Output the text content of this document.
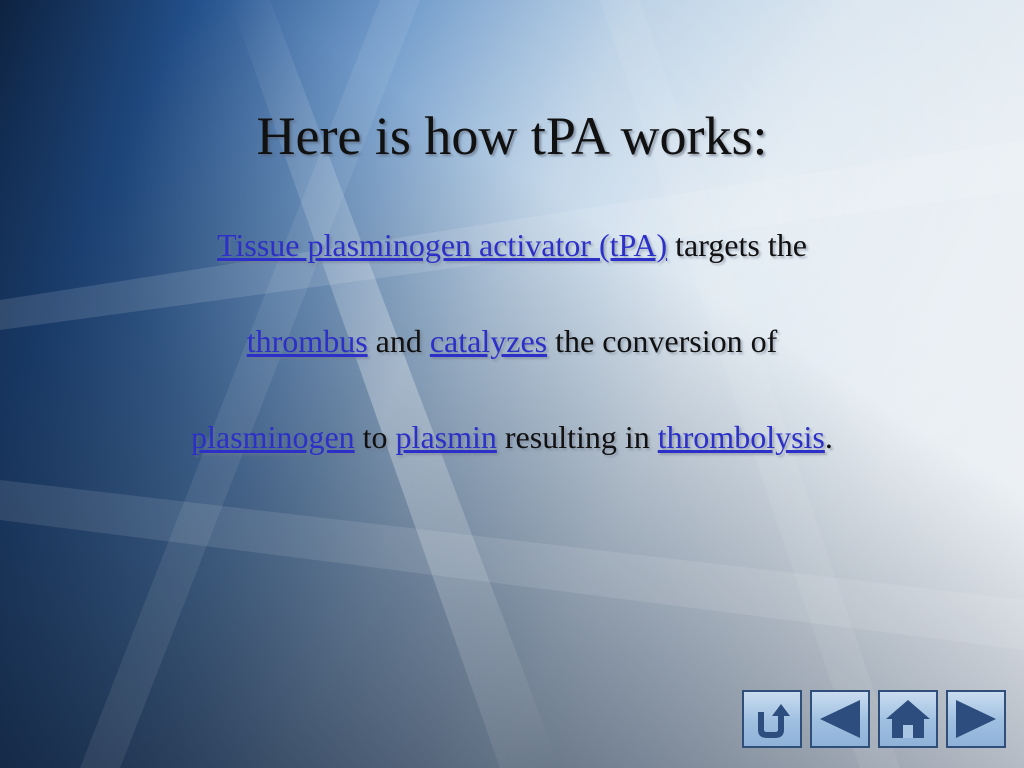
Here is how tPA works:
Tissue plasminogen activator (tPA) targets the
thrombus and catalyzes the conversion of
plasminogen to plasmin resulting in thrombolysis.
